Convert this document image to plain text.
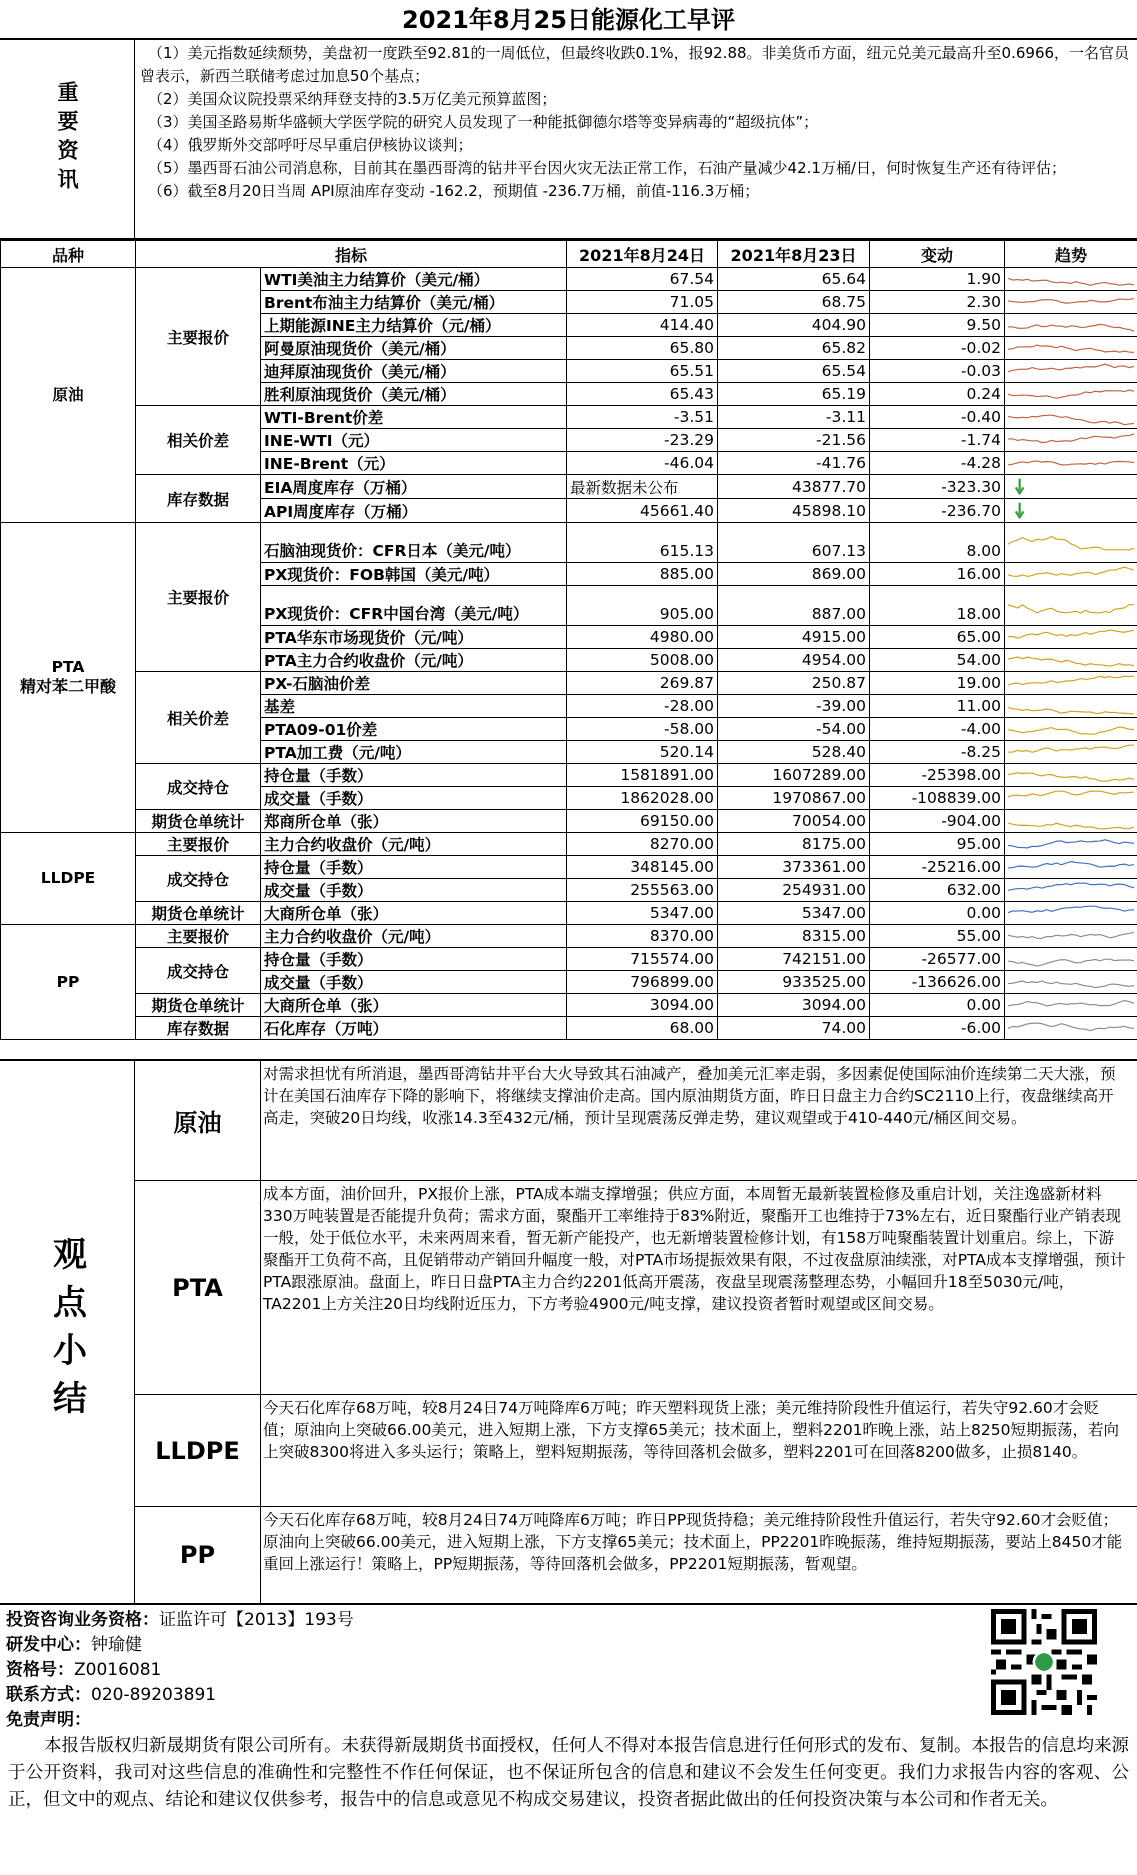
2021年8月25日能源化工早评
重要资讯
（1）美元指数延续颓势，美盘初一度跌至92.81的一周低位，但最终收跌0.1%，报92.88。非美货币方面，纽元兑美元最高升至0.6966，一名官员曾表示，新西兰联储考虑过加息50个基点；
（2）美国众议院投票采纳拜登支持的3.5万亿美元预算蓝图；
（3）美国圣路易斯华盛顿大学医学院的研究人员发现了一种能抵御德尔塔等变异病毒的“超级抗体”；
（4）俄罗斯外交部呼吁尽早重启伊核协议谈判；
（5）墨西哥石油公司消息称，目前其在墨西哥湾的钻井平台因火灾无法正常工作，石油产量减少42.1万桶/日，何时恢复生产还有待评估；
（6）截至8月20日当周 API原油库存变动 -162.2，预期值 -236.7万桶，前值-116.3万桶；
品种	指标		2021年8月24日	2021年8月23日	变动	趋势
原油	主要报价	WTI美油主力结算价（美元/桶）	67.54	65.64	1.90	

		Brent布油主力结算价（美元/桶）	71.05	68.75	2.30	

		上期能源INE主力结算价（元/桶）	414.40	404.90	9.50	

		阿曼原油现货价（美元/桶）	65.80	65.82	-0.02	

		迪拜原油现货价（美元/桶）	65.51	65.54	-0.03	

		胜利原油现货价（美元/桶）	65.43	65.19	0.24	

	相关价差	WTI-Brent价差	-3.51	-3.11	-0.40	

		INE-WTI（元）	-23.29	-21.56	-1.74	

		INE-Brent（元）	-46.04	-41.76	-4.28	

	库存数据	EIA周度库存（万桶）	最新数据未公布	43877.70	-323.30	

		API周度库存（万桶）	45661.40	45898.10	-236.70	

PTA
精对苯二甲酸	主要报价	石脑油现货价：CFR日本（美元/吨）	615.13	607.13	8.00	

		PX现货价：FOB韩国（美元/吨）	885.00	869.00	16.00	

		PX现货价：CFR中国台湾（美元/吨）	905.00	887.00	18.00	

		PTA华东市场现货价（元/吨）	4980.00	4915.00	65.00	

		PTA主力合约收盘价（元/吨）	5008.00	4954.00	54.00	

	相关价差	PX-石脑油价差	269.87	250.87	19.00	

		基差	-28.00	-39.00	11.00	

		PTA09-01价差	-58.00	-54.00	-4.00	

		PTA加工费（元/吨）	520.14	528.40	-8.25	

	成交持仓	持仓量（手数）	1581891.00	1607289.00	-25398.00	

		成交量（手数）	1862028.00	1970867.00	-108839.00	

	期货仓单统计	郑商所仓单（张）	69150.00	70054.00	-904.00	

LLDPE	主要报价	主力合约收盘价（元/吨）	8270.00	8175.00	95.00	

	成交持仓	持仓量（手数）	348145.00	373361.00	-25216.00	

		成交量（手数）	255563.00	254931.00	632.00	

	期货仓单统计	大商所仓单（张）	5347.00	5347.00	0.00	

PP	主要报价	主力合约收盘价（元/吨）	8370.00	8315.00	55.00	

	成交持仓	持仓量（手数）	715574.00	742151.00	-26577.00	

		成交量（手数）	796899.00	933525.00	-136626.00	

	期货仓单统计	大商所仓单（张）	3094.00	3094.00	0.00	

	库存数据	石化库存（万吨）	68.00	74.00	-6.00	
观点小结
原油
对需求担忧有所消退，墨西哥湾钻井平台大火导致其石油减产，叠加美元汇率走弱，多因素促使国际油价连续第二天大涨，预计在美国石油库存下降的影响下，将继续支撑油价走高。国内原油期货方面，昨日日盘主力合约SC2110上行，夜盘继续高开高走，突破20日均线，收涨14.3至432元/桶，预计呈现震荡反弹走势，建议观望或于410-440元/桶区间交易。
PTA
成本方面，油价回升，PX报价上涨，PTA成本端支撑增强；供应方面，本周暂无最新装置检修及重启计划，关注逸盛新材料330万吨装置是否能提升负荷；需求方面，聚酯开工率维持于83%附近，聚酯开工也维持于73%左右，近日聚酯行业产销表现一般，处于低位水平，未来两周来看，暂无新产能投产，也无新增装置检修计划，有158万吨聚酯装置计划重启。综上，下游聚酯开工负荷不高，且促销带动产销回升幅度一般，对PTA市场提振效果有限，不过夜盘原油续涨，对PTA成本支撑增强，预计PTA跟涨原油。盘面上，昨日日盘PTA主力合约2201低高开震荡，夜盘呈现震荡整理态势，小幅回升18至5030元/吨，TA2201上方关注20日均线附近压力，下方考验4900元/吨支撑，建议投资者暂时观望或区间交易。
LLDPE
今天石化库存68万吨，较8月24日74万吨降库6万吨；昨天塑料现货上涨；美元维持阶段性升值运行，若失守92.60才会贬值；原油向上突破66.00美元，进入短期上涨，下方支撑65美元；技术面上，塑料2201昨晚上涨，站上8250短期振荡，若向上突破8300将进入多头运行；策略上，塑料短期振荡，等待回落机会做多，塑料2201可在回落8200做多，止损8140。
PP
今天石化库存68万吨，较8月24日74万吨降库6万吨；昨日PP现货持稳；美元维持阶段性升值运行，若失守92.60才会贬值；原油向上突破66.00美元，进入短期上涨，下方支撑65美元；技术面上，PP2201昨晚振荡，维持短期振荡，要站上8450才能重回上涨运行！策略上，PP短期振荡，等待回落机会做多，PP2201短期振荡，暂观望。
投资咨询业务资格：证监许可【2013】193号
研发中心：钟瑜健
资格号：Z0016081
联系方式：020-89203891
免责声明：
本报告版权归新晟期货有限公司所有。未获得新晟期货书面授权，任何人不得对本报告信息进行任何形式的发布、复制。本报告的信息均来源于公开资料，我司对这些信息的准确性和完整性不作任何保证，也不保证所包含的信息和建议不会发生任何变更。我们力求报告内容的客观、公正，但文中的观点、结论和建议仅供参考，报告中的信息或意见不构成交易建议，投资者据此做出的任何投资决策与本公司和作者无关。
